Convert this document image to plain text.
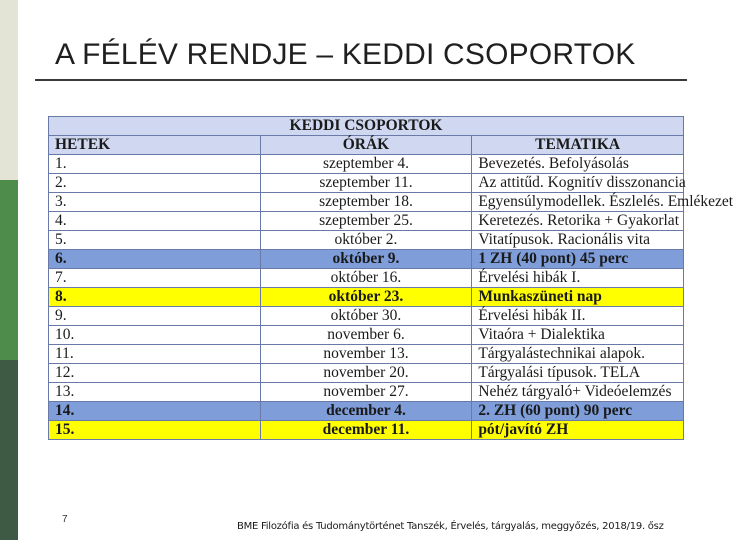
A FÉLÉV RENDJE – KEDDI CSOPORTOK
KEDDI CSOPORTOK		
HETEK	ÓRÁK	TEMATIKA
1.	szeptember 4.	Bevezetés. Befolyásolás
2.	szeptember 11.	Az attitűd. Kognitív disszonancia
3.	szeptember 18.	Egyensúlymodellek. Észlelés. Emlékezet
4.	szeptember 25.	Keretezés. Retorika + Gyakorlat
5.	október 2.	Vitatípusok. Racionális vita
6.	október 9.	1 ZH (40 pont) 45 perc
7.	október 16.	Érvelési hibák I.
8.	október 23.	Munkaszüneti nap
9.	október 30.	Érvelési hibák II.
10.	november 6.	Vitaóra + Dialektika
11.	november 13.	Tárgyalástechnikai alapok.
12.	november 20.	Tárgyalási típusok. TELA
13.	november 27.	Nehéz tárgyaló+ Videóelemzés
14.	december 4.	2. ZH (60 pont) 90 perc
15.	december 11.	pót/javító ZH
7
BME Filozófia és Tudománytörténet Tanszék, Érvelés, tárgyalás, meggyőzés, 2018/19. ősz
